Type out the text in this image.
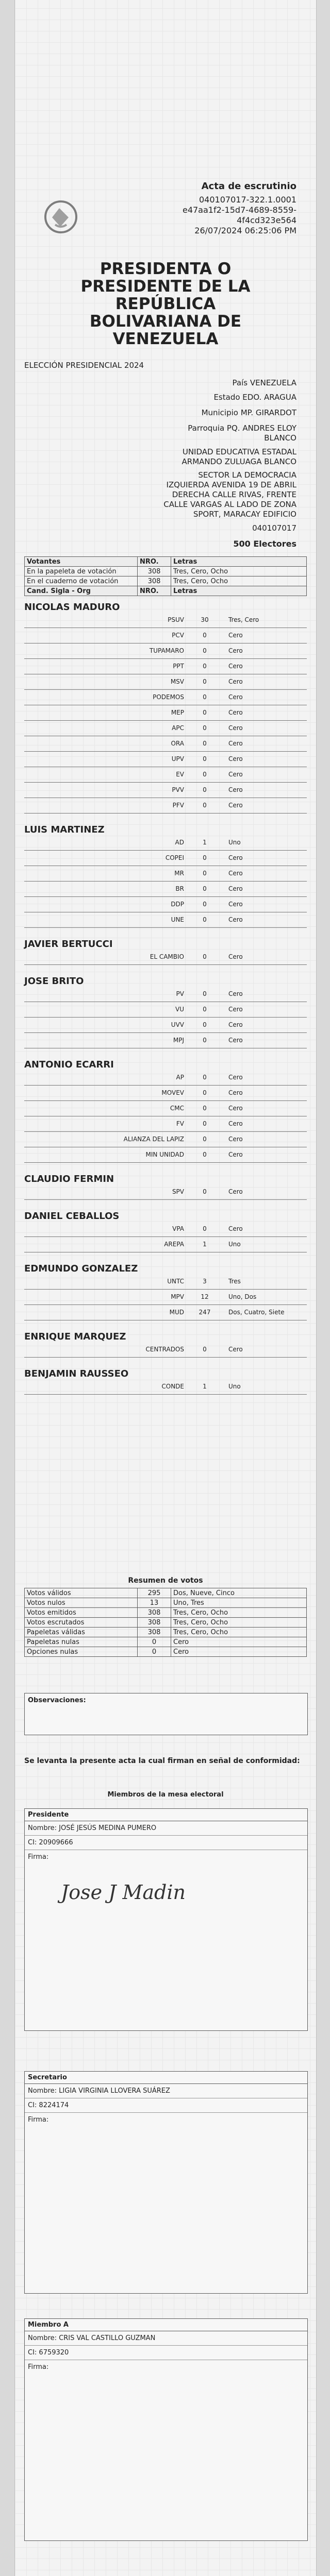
Acta de escrutinio
040107017-322.1.0001
e47aa1f2-15d7-4689-8559-
4f4cd323e564
26/07/2024 06:25:06 PM
PRESIDENTA O
PRESIDENTE DE LA
REPÚBLICA
BOLIVARIANA DE
VENEZUELA
ELECCIÓN PRESIDENCIAL 2024
País VENEZUELA
Estado EDO. ARAGUA
Municipio MP. GIRARDOT
Parroquia PQ. ANDRES ELOY
BLANCO
UNIDAD EDUCATIVA ESTADAL
ARMANDO ZULUAGA BLANCO
SECTOR LA DEMOCRACIA
IZQUIERDA AVENIDA 19 DE ABRIL
DERECHA CALLE RIVAS, FRENTE
CALLE VARGAS AL LADO DE ZONA
SPORT, MARACAY EDIFICIO
040107017
500 Electores
Votantes	NRO.	Letras
En la papeleta de votación	308	Tres, Cero, Ocho
En el cuaderno de votación	308	Tres, Cero, Ocho
Cand. Sigla - Org	NRO.	Letras
NICOLAS MADURO
PSUV	30	Tres, Cero
PCV	0	Cero
TUPAMARO	0	Cero
PPT	0	Cero
MSV	0	Cero
PODEMOS	0	Cero
MEP	0	Cero
APC	0	Cero
ORA	0	Cero
UPV	0	Cero
EV	0	Cero
PVV	0	Cero
PFV	0	Cero
LUIS MARTINEZ
AD	1	Uno
COPEI	0	Cero
MR	0	Cero
BR	0	Cero
DDP	0	Cero
UNE	0	Cero
JAVIER BERTUCCI
EL CAMBIO	0	Cero
JOSE BRITO
PV	0	Cero
VU	0	Cero
UVV	0	Cero
MPJ	0	Cero
ANTONIO ECARRI
AP	0	Cero
MOVEV	0	Cero
CMC	0	Cero
FV	0	Cero
ALIANZA DEL LAPIZ	0	Cero
MIN UNIDAD	0	Cero
CLAUDIO FERMIN
SPV	0	Cero
DANIEL CEBALLOS
VPA	0	Cero
AREPA	1	Uno
EDMUNDO GONZALEZ
UNTC	3	Tres
MPV	12	Uno, Dos
MUD	247	Dos, Cuatro, Siete
ENRIQUE MARQUEZ
CENTRADOS	0	Cero
BENJAMIN RAUSSEO
CONDE	1	Uno
Resumen de votos
Votos válidos	295	Dos, Nueve, Cinco
Votos nulos	13	Uno, Tres
Votos emitidos	308	Tres, Cero, Ocho
Votos escrutados	308	Tres, Cero, Ocho
Papeletas válidas	308	Tres, Cero, Ocho
Papeletas nulas	0	Cero
Opciones nulas	0	Cero
Observaciones:
Se levanta la presente acta la cual firman en señal de conformidad:
Miembros de la mesa electoral
Presidente
Nombre: JOSÉ JESÚS MEDINA PUMERO
CI: 20909666
Firma:
Jose J Madin
Secretario
Nombre: LIGIA VIRGINIA LLOVERA SUÁREZ
CI: 8224174
Firma:
Miembro A
Nombre: CRIS VAL CASTILLO GUZMAN
CI: 6759320
Firma:
